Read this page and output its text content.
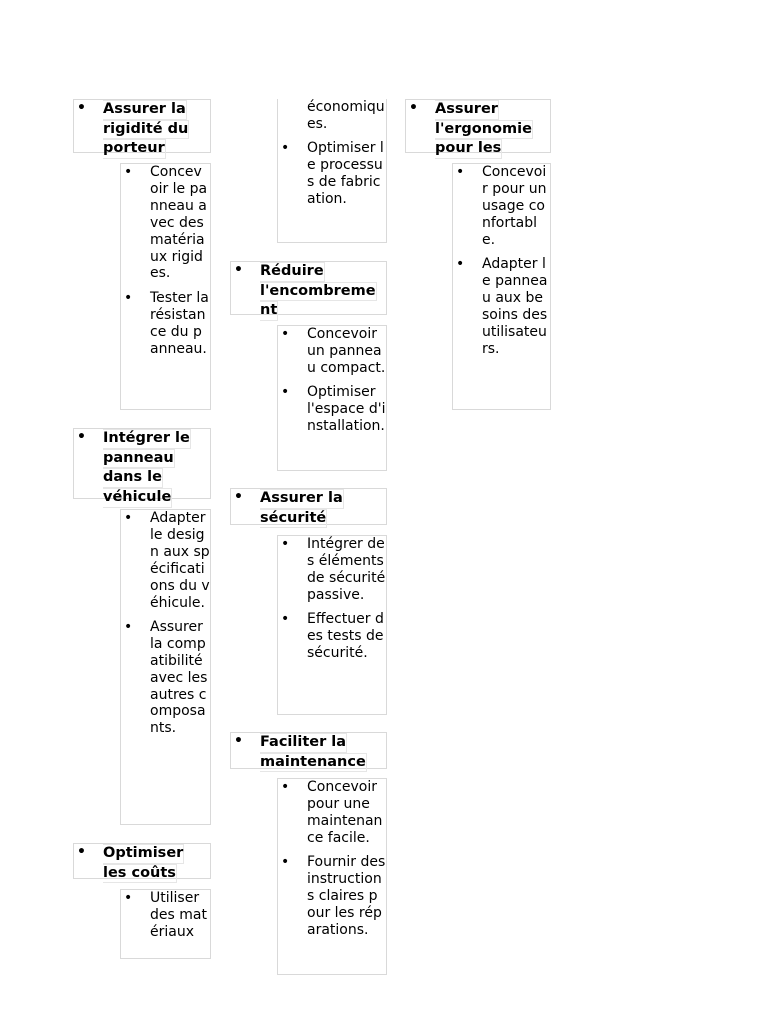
• Assurer la
rigidité du
porteur
• Concevoir le panneau avec des matériaux rigides.
• Tester la résistance du panneau.
• Intégrer le
panneau
dans le
véhicule
• Adapter le design aux spécifications du véhicule.
• Assurer la compatibilité avec les autres composants.
• Optimiser
les coûts
• Utiliser des matériaux
économiques.
• Optimiser le processus de fabrication.
• Réduire
l'encombreme
nt
• Concevoir un panneau compact.
• Optimiser l'espace d'installation.
• Assurer la
sécurité
• Intégrer des éléments de sécurité passive.
• Effectuer des tests de sécurité.
• Faciliter la
maintenance
• Concevoir pour une maintenance facile.
• Fournir des instructions claires pour les réparations.
• Assurer
l'ergonomie
pour les
• Concevoir pour un usage confortable.
• Adapter le panneau aux besoins des utilisateurs.
